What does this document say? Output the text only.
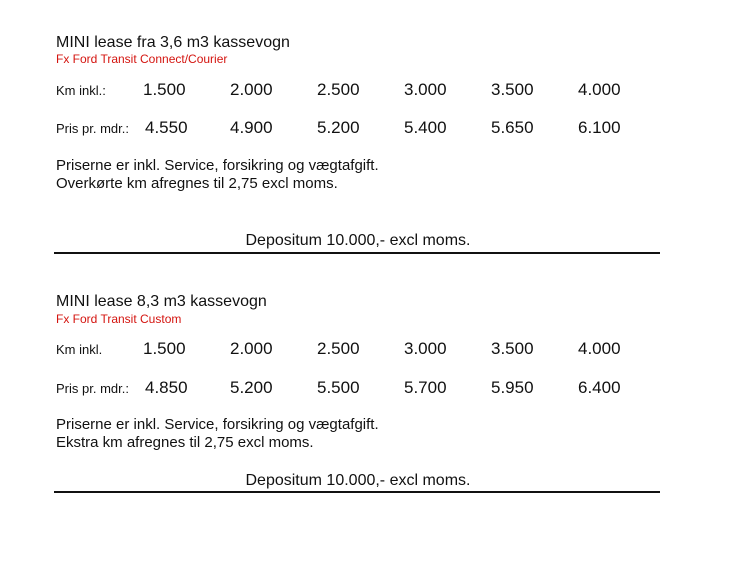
MINI lease fra 3,6 m3 kassevogn
Fx Ford Transit Connect/Courier
Km inkl.: 1.500	2.000	2.500	3.000	3.500	4.000
Pris pr. mdr.: 4.550 4.900	5.200	5.400	5.650	6.100
Priserne er inkl. Service, forsikring og vægtafgift.
Overkørte km afregnes til 2,75 excl moms.
Depositum 10.000,- excl moms.
MINI lease 8,3 m3 kassevogn
Fx Ford Transit Custom
Km inkl. 1.500	2.000	2.500	3.000	3.500	4.000
Pris pr. mdr.: 4.850 5.200	5.500	5.700	5.950	6.400
Priserne er inkl. Service, forsikring og vægtafgift.
Ekstra km afregnes til 2,75 excl moms.
Depositum 10.000,- excl moms.
